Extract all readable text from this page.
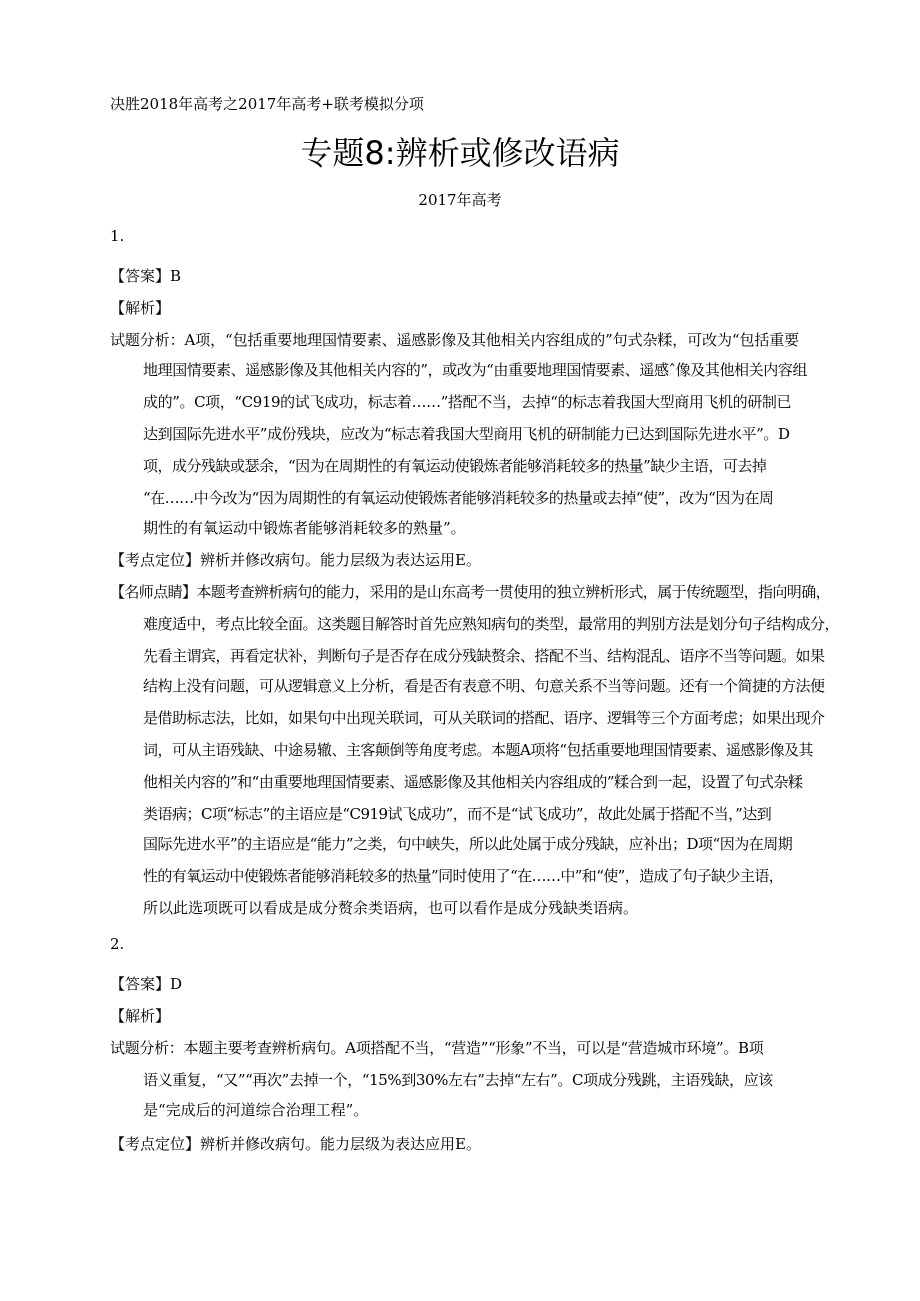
决胜2018年高考之2017年高考+联考模拟分项
专题8:辨析或修改语病
2017年高考
1.
【答案】B
【解析】
试题分析：A项，“包括重要地理国情要素、遥感影像及其他相关内容组成的”句式杂糅，可改为“包括重要
地理国情要素、遥感影像及其他相关内容的”，或改为“由重要地理国情要素、遥感ˆ像及其他相关内容组
成的”。C项，“C919的试飞成功，标志着……”搭配不当，去掉“的标志着我国大型商用飞机的研制已
达到国际先进水平”成份残块，应改为“标志着我国大型商用飞机的研制能力已达到国际先进水平”。D
项，成分残缺或瑟余，“因为在周期性的有氧运动使锻炼者能够消耗较多的热量”缺少主语，可去掉
“在……中今改为“因为周期性的有氧运动使锻炼者能够消耗较多的热量或去掉“使”，改为“因为在周
期性的有氧运动中锻炼者能够消耗较多的熟量”。
【考点定位】辨析并修改病句。能力层级为表达运用E。
【名师点睛】本题考查辨析病句的能力，采用的是山东高考一贯使用的独立辨析形式，属于传统题型，指向明确，
难度适中，考点比较全面。这类题目解答时首先应熟知病句的类型，最常用的判别方法是划分句子结构成分，
先看主谓宾，再看定状补，判断句子是否存在成分残缺赘余、搭配不当、结构混乱、语序不当等问题。如果
结构上没有问题，可从逻辑意义上分析，看是否有表意不明、句意关系不当等问题。还有一个简捷的方法便
是借助标志法，比如，如果句中出现关联词，可从关联词的搭配、语序、逻辑等三个方面考虑；如果出现介
词，可从主语残缺、中途易辙、主客颠倒等角度考虑。本题A项将“包括重要地理国情要素、遥感影像及其
他相关内容的”和“由重要地理国情要素、遥感影像及其他相关内容组成的”糅合到一起，设置了句式杂糅
类语病；C项“标志”的主语应是“C919试飞成功”，而不是“试飞成功”，故此处属于搭配不当，”达到
国际先进水平”的主语应是“能力”之类，句中峡失，所以此处属于成分残缺，应补出；D项“因为在周期
性的有氧运动中使锻炼者能够消耗较多的热量”同时使用了“在……中”和“使”，造成了句子缺少主语，
所以此选项既可以看成是成分赘余类语病，也可以看作是成分残缺类语病。
2.
【答案】D
【解析】
试题分析：本题主要考查辨析病句。A项搭配不当，“营造”“形象”不当，可以是“营造城市环境”。B项
语义重复，“又”“再次”去掉一个，“15%到30%左右”去掉“左右”。C项成分残跳，主语残缺，应该
是“完成后的河道综合治理工程”。
【考点定位】辨析并修改病句。能力层级为表达应用E。
